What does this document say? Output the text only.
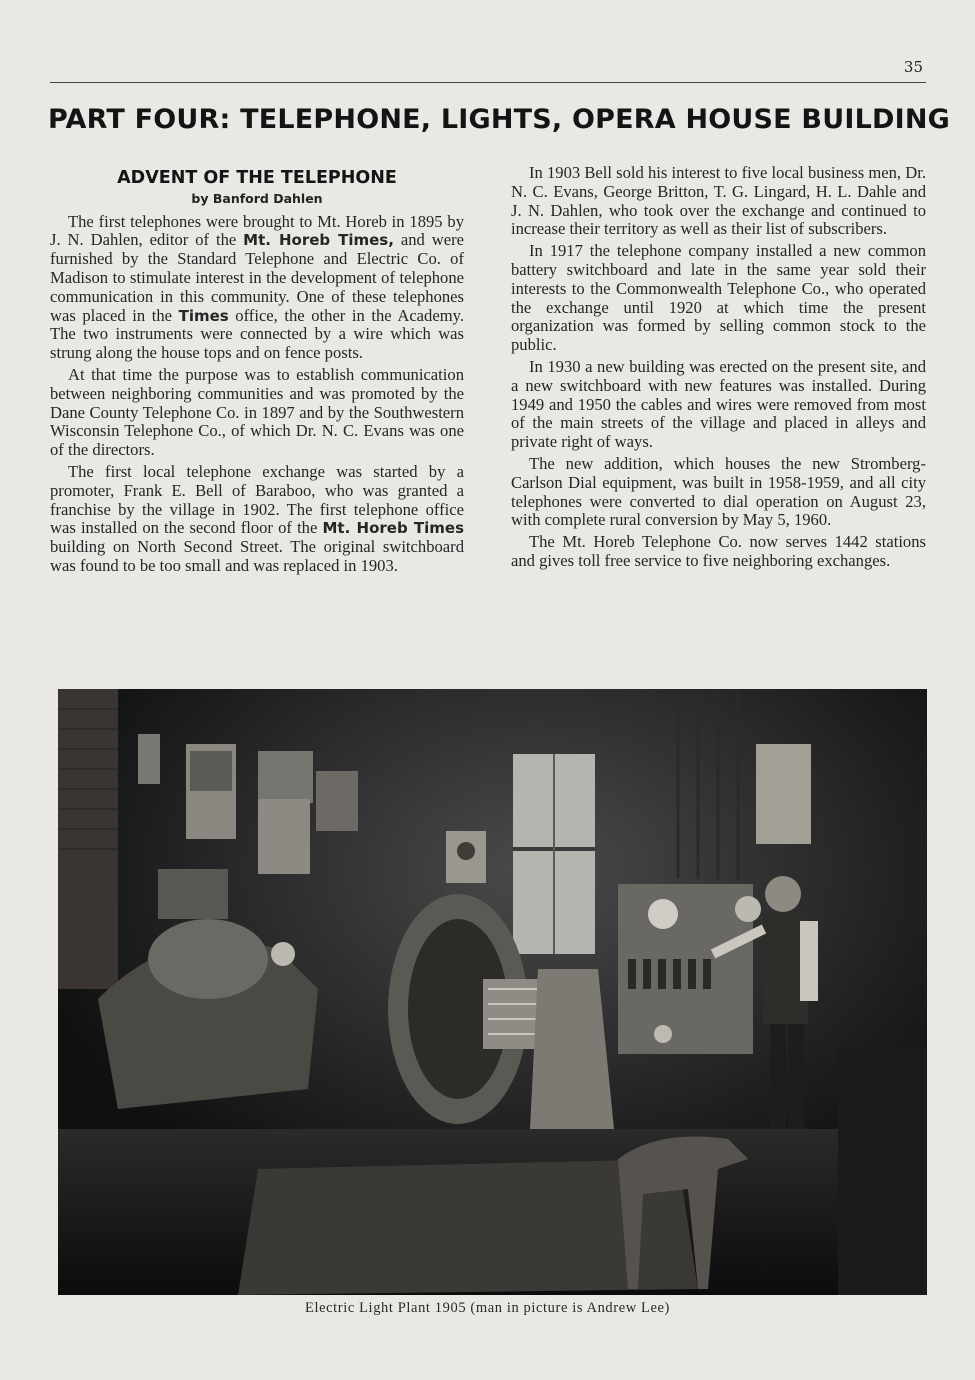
35
PART FOUR: TELEPHONE, LIGHTS, OPERA HOUSE BUILDING
ADVENT OF THE TELEPHONE
by Banford Dahlen

The first telephones were brought to Mt. Horeb in 1895 by J. N. Dahlen, editor of the Mt. Horeb Times, and were furnished by the Standard Telephone and Electric Co. of Madison to stimulate interest in the development of telephone communication in this community. One of these telephones was placed in the Times office, the other in the Academy. The two instruments were connected by a wire which was strung along the house tops and on fence posts.

At that time the purpose was to establish communication between neighboring communities and was promoted by the Dane County Telephone Co. in 1897 and by the Southwestern Wisconsin Telephone Co., of which Dr. N. C. Evans was one of the directors.

The first local telephone exchange was started by a promoter, Frank E. Bell of Baraboo, who was granted a franchise by the village in 1902. The first telephone office was installed on the second floor of the Mt. Horeb Times building on North Second Street. The original switchboard was found to be too small and was replaced in 1903.

In 1903 Bell sold his interest to five local business men, Dr. N. C. Evans, George Britton, T. G. Lingard, H. L. Dahle and J. N. Dahlen, who took over the exchange and continued to increase their territory as well as their list of subscribers.

In 1917 the telephone company installed a new common battery switchboard and late in the same year sold their interests to the Commonwealth Telephone Co., who operated the exchange until 1920 at which time the present organization was formed by selling common stock to the public.

In 1930 a new building was erected on the present site, and a new switchboard with new features was installed. During 1949 and 1950 the cables and wires were removed from most of the main streets of the village and placed in alleys and private right of ways.

The new addition, which houses the new Stromberg-Carlson Dial equipment, was built in 1958-1959, and all city telephones were converted to dial operation on August 23, with complete rural conversion by May 5, 1960.

The Mt. Horeb Telephone Co. now serves 1442 stations and gives toll free service to five neighboring exchanges.

Electric Light Plant 1905 (man in picture is Andrew Lee)
